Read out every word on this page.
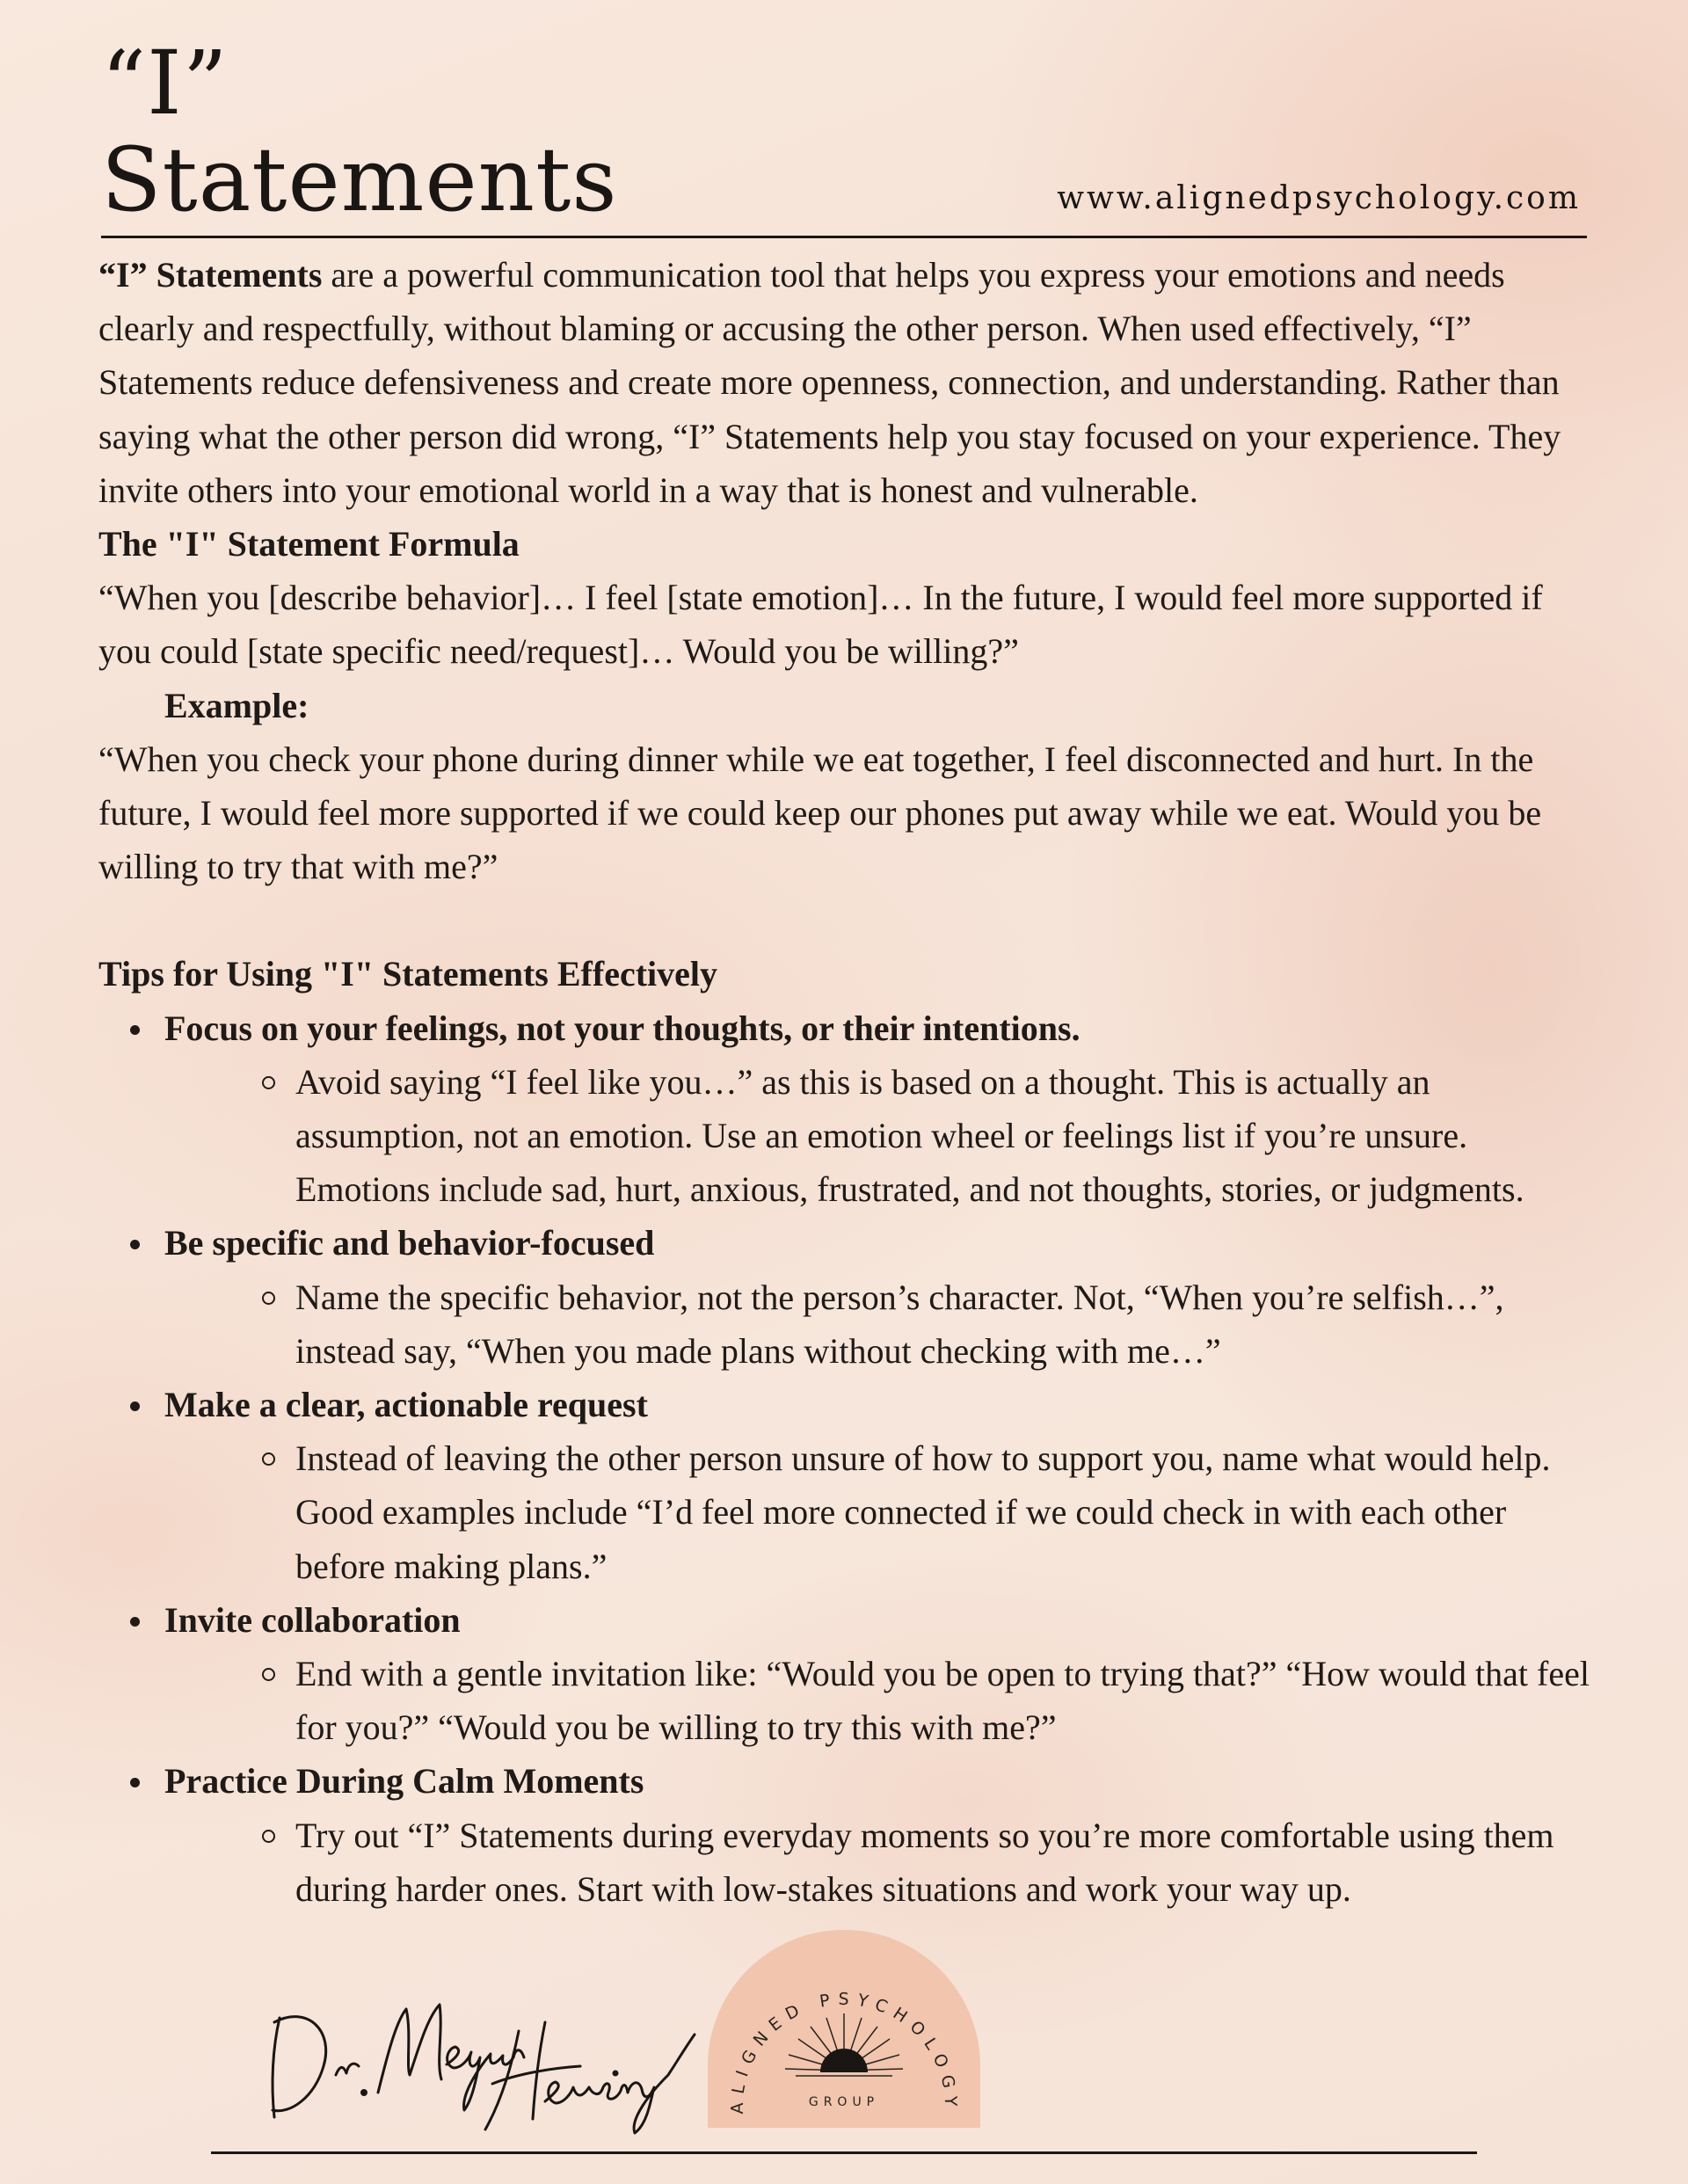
“I”
Statements	www.alignedpsychology.com

“I” Statements are a powerful communication tool that helps you express your emotions and needs clearly and respectfully, without blaming or accusing the other person. When used effectively, “I” Statements reduce defensiveness and create more openness, connection, and understanding. Rather than saying what the other person did wrong, “I” Statements help you stay focused on your experience. They invite others into your emotional world in a way that is honest and vulnerable.

The "I" Statement Formula

“When you [describe behavior]… I feel [state emotion]… In the future, I would feel more supported if you could [state specific need/request]… Would you be willing?”

Example:

“When you check your phone during dinner while we eat together, I feel disconnected and hurt. In the future, I would feel more supported if we could keep our phones put away while we eat. Would you be willing to try that with me?”

Tips for Using "I" Statements Effectively

Focus on your feelings, not your thoughts, or their intentions.
Avoid saying “I feel like you…” as this is based on a thought. This is actually an assumption, not an emotion. Use an emotion wheel or feelings list if you’re unsure. Emotions include sad, hurt, anxious, frustrated, and not thoughts, stories, or judgments.
Be specific and behavior-focused
Name the specific behavior, not the person’s character. Not, “When you’re selfish…”, instead say, “When you made plans without checking with me…”
Make a clear, actionable request
Instead of leaving the other person unsure of how to support you, name what would help. Good examples include “I’d feel more connected if we could check in with each other before making plans.”
Invite collaboration
End with a gentle invitation like: “Would you be open to trying that?” “How would that feel for you?” “Would you be willing to try this with me?”
Practice During Calm Moments
Try out “I” Statements during everyday moments so you’re more comfortable using them during harder ones. Start with low-stakes situations and work your way up.
ALIGNED PSYCHOLOGY
GROUP
